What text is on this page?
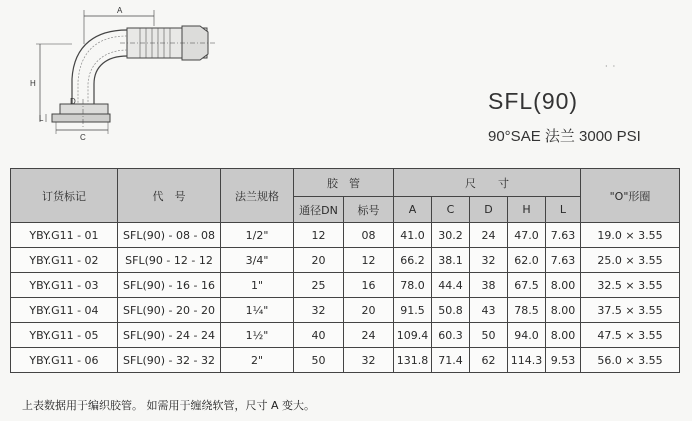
A
H
L
D
C
·  ·
SFL(90)
90°SAE 法兰 3000 PSI
订货标记	代　号	法兰规格	胶　管		尺　　寸					"O"形圈
			通径DN	标号	A	C	D	H	L	
YBY.G11 - 01	SFL(90) - 08 - 08	1/2"	12	08	41.0	30.2	24	47.0	7.63	19.0 × 3.55
YBY.G11 - 02	SFL(90 - 12 - 12	3/4"	20	12	66.2	38.1	32	62.0	7.63	25.0 × 3.55
YBY.G11 - 03	SFL(90) - 16 - 16	1"	25	16	78.0	44.4	38	67.5	8.00	32.5 × 3.55
YBY.G11 - 04	SFL(90) - 20 - 20	1¼"	32	20	91.5	50.8	43	78.5	8.00	37.5 × 3.55
YBY.G11 - 05	SFL(90) - 24 - 24	1½"	40	24	109.4	60.3	50	94.0	8.00	47.5 × 3.55
YBY.G11 - 06	SFL(90) - 32 - 32	2"	50	32	131.8	71.4	62	114.3	9.53	56.0 × 3.55
上表数据用于编织胶管。 如需用于缠绕软管，尺寸 A 变大。
